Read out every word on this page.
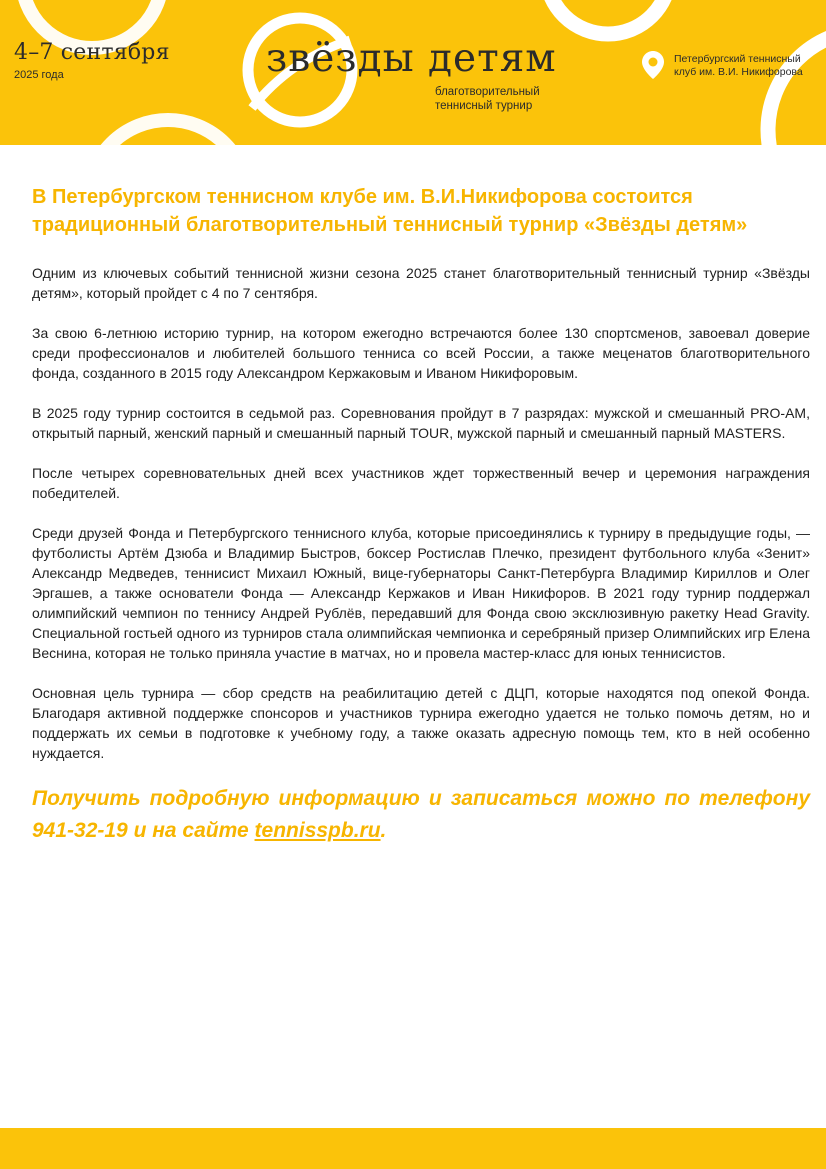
4–7 сентября
2025 года	звёзды детям
благотворительный
теннисный турнир
Петербургский теннисный
клуб им. В.И. Никифорова
В Петербургском теннисном клубе им. В.И.Никифорова состоится традиционный благотворительный теннисный турнир «Звёзды детям»

Одним из ключевых событий теннисной жизни сезона 2025 станет благотворительный теннисный турнир «Звёзды детям», который пройдет с 4 по 7 сентября.

За свою 6-летнюю историю турнир, на котором ежегодно встречаются более 130 спортсменов, завоевал доверие среди профессионалов и любителей большого тенниса со всей России, а также меценатов благотворительного фонда, созданного в 2015 году Александром Кержаковым и Иваном Никифоровым.

В 2025 году турнир состоится в седьмой раз. Соревнования пройдут в 7 разрядах: мужской и смешанный PRO-AM, открытый парный, женский парный и смешанный парный TOUR, мужской парный и смешанный парный MASTERS.

После четырех соревновательных дней всех участников ждет торжественный вечер и церемония награждения победителей.

Среди друзей Фонда и Петербургского теннисного клуба, которые присоединялись к турниру в предыдущие годы, — футболисты Артём Дзюба и Владимир Быстров, боксер Ростислав Плечко, президент футбольного клуба «Зенит» Александр Медведев, теннисист Михаил Южный, вице-губернаторы Санкт-Петербурга Владимир Кириллов и Олег Эргашев, а также основатели Фонда — Александр Кержаков и Иван Никифоров. В 2021 году турнир поддержал олимпийский чемпион по теннису Андрей Рублёв, передавший для Фонда свою эксклюзивную ракетку Head Gravity. Специальной гостьей одного из турниров стала олимпийская чемпионка и серебряный призер Олимпийских игр Елена Веснина, которая не только приняла участие в матчах, но и провела мастер-класс для юных теннисистов.

Основная цель турнира — сбор средств на реабилитацию детей с ДЦП, которые находятся под опекой Фонда. Благодаря активной поддержке спонсоров и участников турнира ежегодно удается не только помочь детям, но и поддержать их семьи в подготовке к учебному году, а также оказать адресную помощь тем, кто в ней особенно нуждается.

Получить подробную информацию и записаться можно по телефону 941-32-19 и на сайте tennisspb.ru.
